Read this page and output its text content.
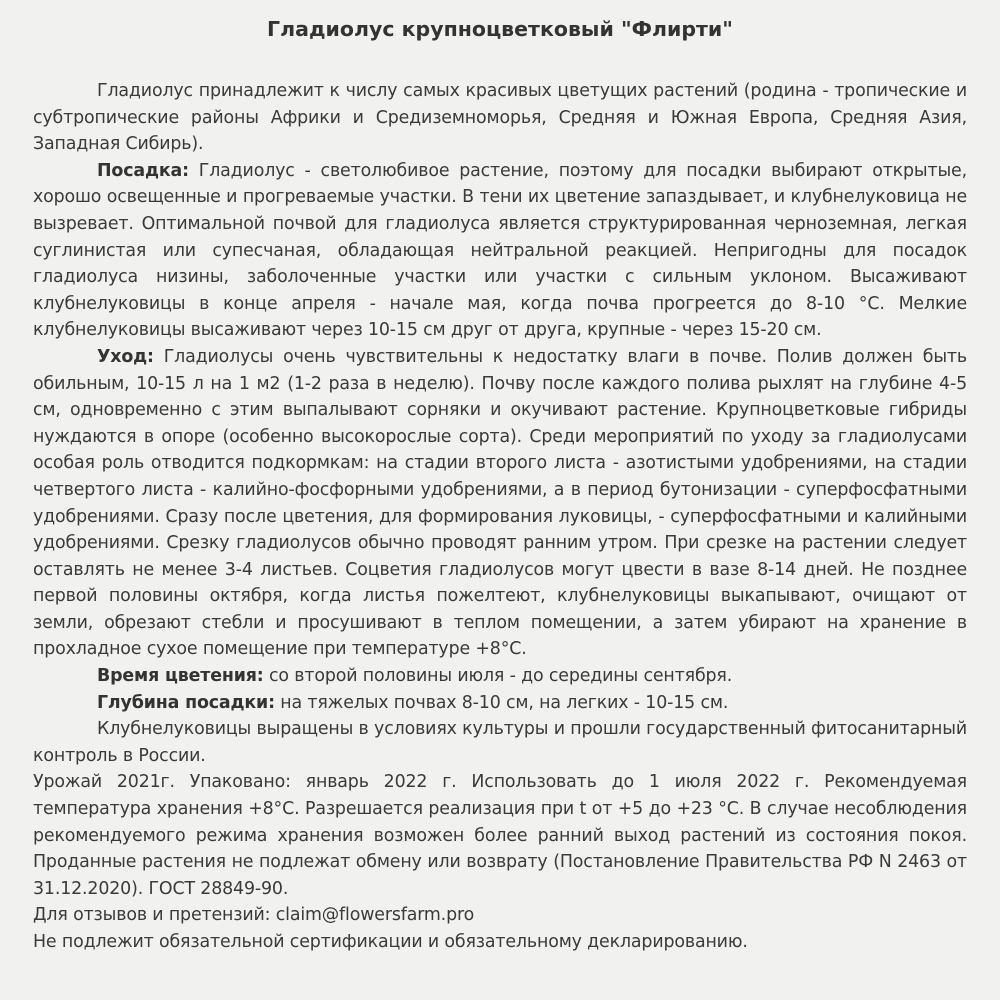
Гладиолус крупноцветковый "Флирти"

Гладиолус принадлежит к числу самых красивых цветущих растений (родина - тропические и субтропические районы Африки и Средиземноморья, Средняя и Южная Европа, Средняя Азия, Западная Сибирь).

Посадка: Гладиолус - светолюбивое растение, поэтому для посадки выбирают открытые, хорошо освещенные и прогреваемые участки. В тени их цветение запаздывает, и клубнелуковица не вызревает. Оптимальной почвой для гладиолуса является структурированная черноземная, легкая суглинистая или супесчаная, обладающая нейтральной реакцией. Непригодны для посадок гладиолуса низины, заболоченные участки или участки с сильным уклоном. Высаживают клубнелуковицы в конце апреля - начале мая, когда почва прогреется до 8-10 °С. Мелкие клубнелуковицы высаживают через 10-15 см друг от друга, крупные - через 15-20 см.

Уход: Гладиолусы очень чувствительны к недостатку влаги в почве. Полив должен быть обильным, 10-15 л на 1 м2 (1-2 раза в неделю). Почву после каждого полива рыхлят на глубине 4-5 см, одновременно с этим выпалывают сорняки и окучивают растение. Крупноцветковые гибриды нуждаются в опоре (особенно высокорослые сорта). Среди мероприятий по уходу за гладиолусами особая роль отводится подкормкам: на стадии второго листа - азотистыми удобрениями, на стадии четвертого листа - калийно-фосфорными удобрениями, а в период бутонизации - суперфосфатными удобрениями. Сразу после цветения, для формирования луковицы, - суперфосфатными и калийными удобрениями. Срезку гладиолусов обычно проводят ранним утром. При срезке на растении следует оставлять не менее 3-4 листьев. Соцветия гладиолусов могут цвести в вазе 8-14 дней. Не позднее первой половины октября, когда листья пожелтеют, клубнелуковицы выкапывают, очищают от земли, обрезают стебли и просушивают в теплом помещении, а затем убирают на хранение в прохладное сухое помещение при температуре +8°С.

Время цветения: со второй половины июля - до середины сентября.

Глубина посадки: на тяжелых почвах 8-10 см, на легких - 10-15 см.

Клубнелуковицы выращены в условиях культуры и прошли государственный фитосанитарный контроль в России.

Урожай 2021г. Упаковано: январь 2022 г. Использовать до 1 июля 2022 г. Рекомендуемая температура хранения +8°С. Разрешается реализация при t от +5 до +23 °С. В случае несоблюдения рекомендуемого режима хранения возможен более ранний выход растений из состояния покоя. Проданные растения не подлежат обмену или возврату (Постановление Правительства РФ N 2463 от 31.12.2020). ГОСТ 28849-90.

Для отзывов и претензий: claim@flowersfarm.pro

Не подлежит обязательной сертификации и обязательному декларированию.
